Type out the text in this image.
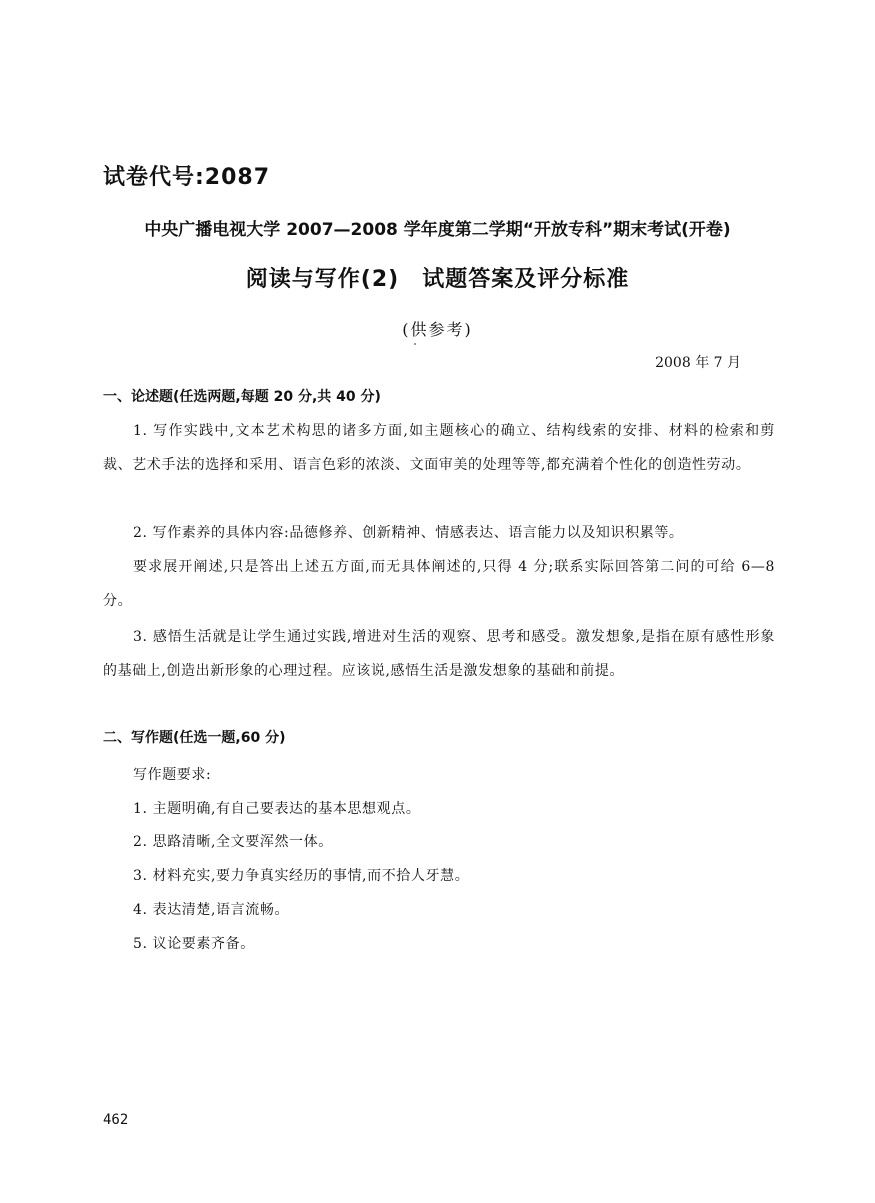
试卷代号:2087
中央广播电视大学 2007—2008 学年度第二学期“开放专科”期末考试(开卷)
阅读与写作(2)　试题答案及评分标准
(供参考)
2008 年 7 月
一、论述题(任选两题,每题 20 分,共 40 分)
1. 写作实践中,文本艺术构思的诸多方面,如主题核心的确立、结构线索的安排、材料的检索和剪裁、艺术手法的选择和采用、语言色彩的浓淡、文面审美的处理等等,都充满着个性化的创造性劳动。
2. 写作素养的具体内容:品德修养、创新精神、情感表达、语言能力以及知识积累等。
要求展开阐述,只是答出上述五方面,而无具体阐述的,只得 4 分;联系实际回答第二问的可给 6—8 分。
3. 感悟生活就是让学生通过实践,增进对生活的观察、思考和感受。激发想象,是指在原有感性形象的基础上,创造出新形象的心理过程。应该说,感悟生活是激发想象的基础和前提。
二、写作题(任选一题,60 分)
写作题要求:
1. 主题明确,有自己要表达的基本思想观点。
2. 思路清晰,全文要浑然一体。
3. 材料充实,要力争真实经历的事情,而不拾人牙慧。
4. 表达清楚,语言流畅。
5. 议论要素齐备。
462
